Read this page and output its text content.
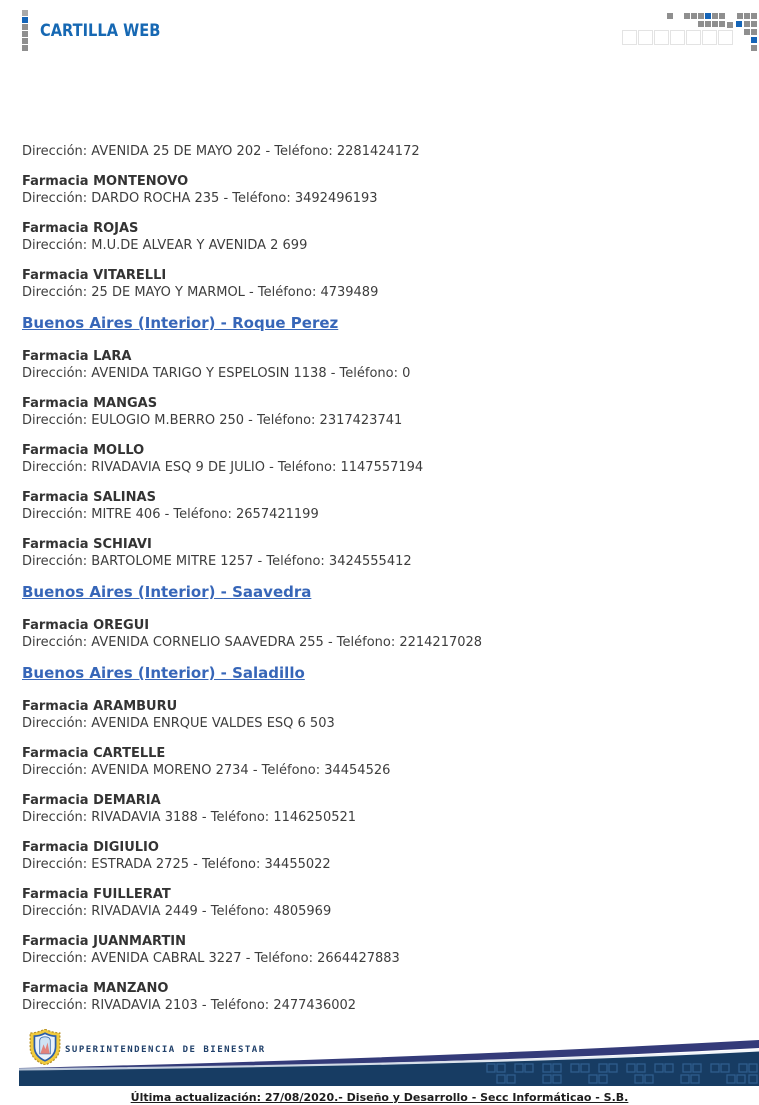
CARTILLA WEB
Dirección: AVENIDA 25 DE MAYO 202 - Teléfono: 2281424172
Farmacia MONTENOVO
Dirección: DARDO ROCHA 235 - Teléfono: 3492496193
Farmacia ROJAS
Dirección: M.U.DE ALVEAR Y AVENIDA 2 699
Farmacia VITARELLI
Dirección: 25 DE MAYO Y MARMOL - Teléfono: 4739489
Buenos Aires (Interior) - Roque Perez
Farmacia LARA
Dirección: AVENIDA TARIGO Y ESPELOSIN 1138 - Teléfono: 0
Farmacia MANGAS
Dirección: EULOGIO M.BERRO 250 - Teléfono: 2317423741
Farmacia MOLLO
Dirección: RIVADAVIA ESQ 9 DE JULIO - Teléfono: 1147557194
Farmacia SALINAS
Dirección: MITRE 406 - Teléfono: 2657421199
Farmacia SCHIAVI
Dirección: BARTOLOME MITRE 1257 - Teléfono: 3424555412
Buenos Aires (Interior) - Saavedra
Farmacia OREGUI
Dirección: AVENIDA CORNELIO SAAVEDRA 255 - Teléfono: 2214217028
Buenos Aires (Interior) - Saladillo
Farmacia ARAMBURU
Dirección: AVENIDA ENRQUE VALDES ESQ 6 503
Farmacia CARTELLE
Dirección: AVENIDA MORENO 2734 - Teléfono: 34454526
Farmacia DEMARIA
Dirección: RIVADAVIA 3188 - Teléfono: 1146250521
Farmacia DIGIULIO
Dirección: ESTRADA 2725 - Teléfono: 34455022
Farmacia FUILLERAT
Dirección: RIVADAVIA 2449 - Teléfono: 4805969
Farmacia JUANMARTIN
Dirección: AVENIDA CABRAL 3227 - Teléfono: 2664427883
Farmacia MANZANO
Dirección: RIVADAVIA 2103 - Teléfono: 2477436002
SUPERINTENDENCIA DE BIENESTAR
Última actualización: 27/08/2020.- Diseño y Desarrollo - Secc Informáticao - S.B.
